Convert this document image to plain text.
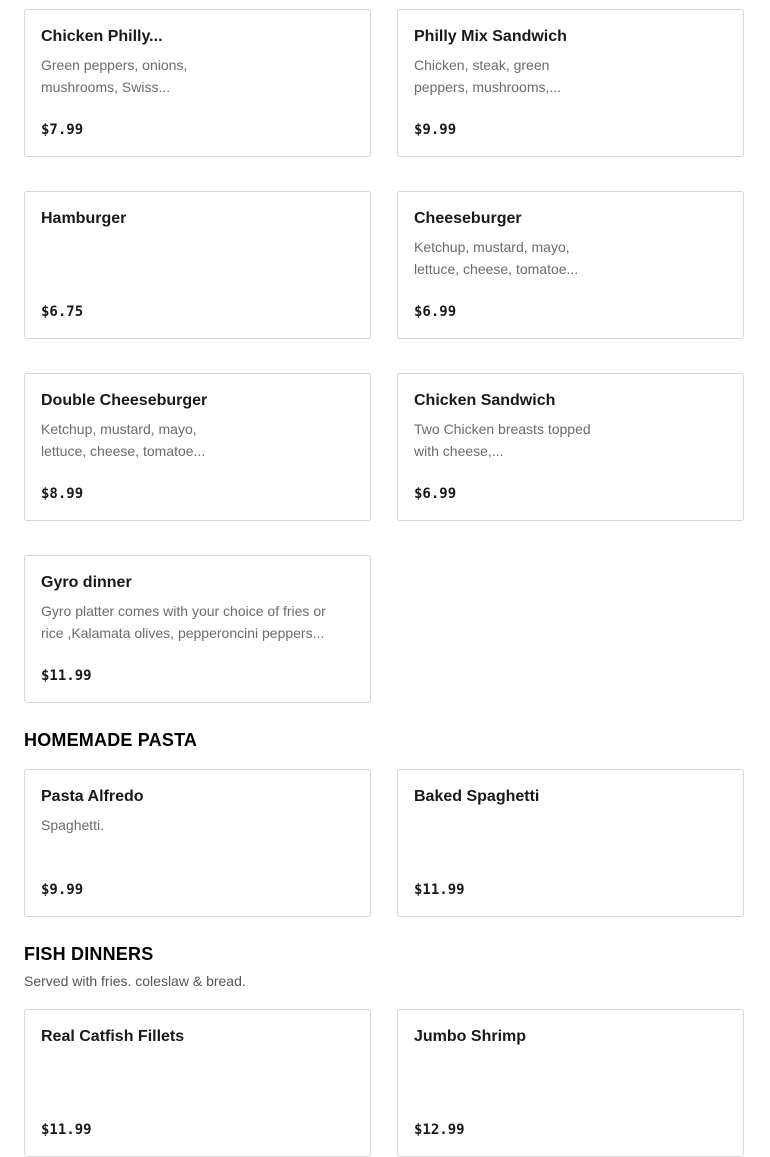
Chicken Philly...
Green peppers, onions, mushrooms, Swiss...
$7.99
Philly Mix Sandwich
Chicken, steak, green peppers, mushrooms,...
$9.99
Hamburger
$6.75
Cheeseburger
Ketchup, mustard, mayo, lettuce, cheese, tomatoe...
$6.99
Double Cheeseburger
Ketchup, mustard, mayo, lettuce, cheese, tomatoe...
$8.99
Chicken Sandwich
Two Chicken breasts topped with cheese,...
$6.99
Gyro dinner
Gyro platter comes with your choice of fries or rice ,Kalamata olives, pepperoncini peppers...
$11.99
HOMEMADE PASTA
Pasta Alfredo
Spaghetti.
$9.99
Baked Spaghetti
$11.99
FISH DINNERS
Served with fries. coleslaw & bread.
Real Catfish Fillets
$11.99
Jumbo Shrimp
$12.99
